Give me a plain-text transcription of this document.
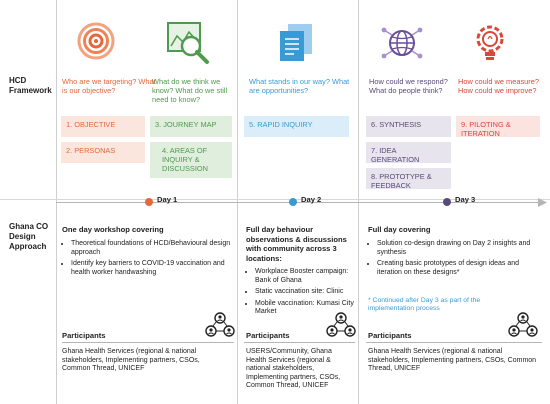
HCD
Framework
Who are we targeting? What is our objective?
What do we think we know? What do we still need to know?
What stands in our way? What are opportunities?
How could we respond? What do people think?
How could we measure? How could we improve?
1. OBJECTIVE
2. PERSONAS
3. JOURNEY MAP
4. AREAS OF INQUIRY & DISCUSSION
5. RAPID INQUIRY	6. SYNTHESIS
7. IDEA GENERATION
8. PROTOTYPE & FEEDBACK
9. PILOTING & ITERATION
Day 1	Day 2	Day 3
Ghana CO
Design
Approach
One day workshop covering
• Theoretical foundations of HCD/Behavioural design approach
• Identify key barriers to COVID-19 vaccination and health worker handwashing
Full day behaviour observations & discussions with community across 3 locations:
• Workplace Booster campaign: Bank of Ghana
• Static vaccination site: Clinic
• Mobile vaccination: Kumasi City Market
Full day covering
• Solution co-design drawing on Day 2 insights and synthesis
• Creating basic prototypes of design ideas and iteration on these designs*
* Continued after Day 3 as part of the implementation process
Participants
Ghana Health Services (regional & national stakeholders, Implementing partners, CSOs, Common Thread, UNICEF
Participants
USERS/Community, Ghana Health Services (regional & national stakeholders, Implementing partners, CSOs, Common Thread, UNICEF
Participants
Ghana Health Services (regional & national stakeholders, Implementing partners, CSOs, Common Thread, UNICEF
